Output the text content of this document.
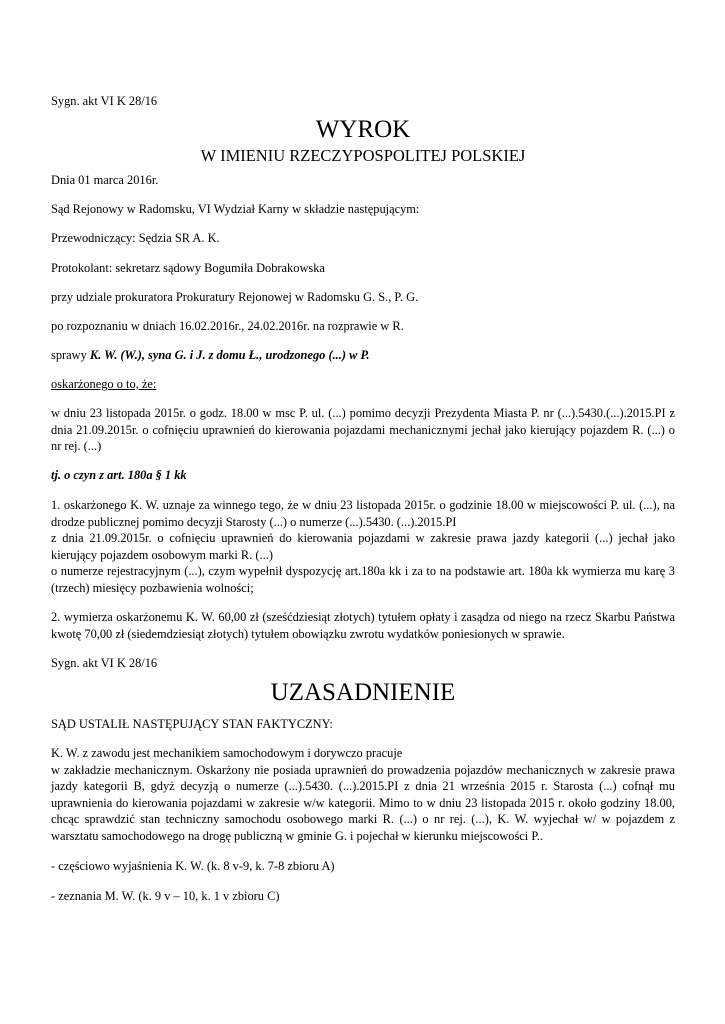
Sygn. akt VI K 28/16

WYROK
W IMIENIU RZECZYPOSPOLITEJ POLSKIEJ

Dnia 01 marca 2016r.

Sąd Rejonowy w Radomsku, VI Wydział Karny w składzie następującym:

Przewodniczący: Sędzia SR A. K.

Protokolant: sekretarz sądowy Bogumiła Dobrakowska

przy udziale prokuratora Prokuratury Rejonowej w Radomsku G. S., P. G.

po rozpoznaniu w dniach 16.02.2016r., 24.02.2016r. na rozprawie w R.

sprawy K. W. (W.), syna G. i J. z domu Ł., urodzonego (...) w P.

oskarżonego o to, że:

w dniu 23 listopada 2015r. o godz. 18.00 w msc P. ul. (...) pomimo decyzji Prezydenta Miasta P. nr (...).5430.(...).2015.PI z dnia 21.09.2015r. o cofnięciu uprawnień do kierowania pojazdami mechanicznymi jechał jako kierujący pojazdem R. (...) o nr rej. (...)

tj. o czyn z art. 180a § 1 kk

1. oskarżonego K. W. uznaje za winnego tego, że w dniu 23 listopada 2015r. o godzinie 18.00 w miejscowości P. ul. (...), na drodze publicznej pomimo decyzji Starosty (...) o numerze (...).5430. (...).2015.PI

z dnia 21.09.2015r. o cofnięciu uprawnień do kierowania pojazdami w zakresie prawa jazdy kategorii (...) jechał jako kierujący pojazdem osobowym marki R. (...)

o numerze rejestracyjnym (...), czym wypełnił dyspozycję art.180a kk i za to na podstawie art. 180a kk wymierza mu karę 3 (trzech) miesięcy pozbawienia wolności;

2. wymierza oskarżonemu K. W. 60,00 zł (sześćdziesiąt złotych) tytułem opłaty i zasądza od niego na rzecz Skarbu Państwa kwotę 70,00 zł (siedemdziesiąt złotych) tytułem obowiązku zwrotu wydatków poniesionych w sprawie.

Sygn. akt VI K 28/16

UZASADNIENIE

SĄD USTALIŁ NASTĘPUJĄCY STAN FAKTYCZNY:

K. W. z zawodu jest mechanikiem samochodowym i dorywczo pracuje

w zakładzie mechanicznym. Oskarżony nie posiada uprawnień do prowadzenia pojazdów mechanicznych w zakresie prawa jazdy kategorii B, gdyż decyzją o numerze (...).5430. (...).2015.PI z dnia 21 września 2015 r. Starosta (...) cofnął mu uprawnienia do kierowania pojazdami w zakresie w/w kategorii. Mimo to w dniu 23 listopada 2015 r. około godziny 18.00, chcąc sprawdzić stan techniczny samochodu osobowego marki R. (...) o nr rej. (...), K. W. wyjechał w/ w pojazdem z warsztatu samochodowego na drogę publiczną w gminie G. i pojechał w kierunku miejscowości P..

- częściowo wyjaśnienia K. W. (k. 8 v-9, k. 7-8 zbioru A)

- zeznania M. W. (k. 9 v – 10, k. 1 v zbioru C)
